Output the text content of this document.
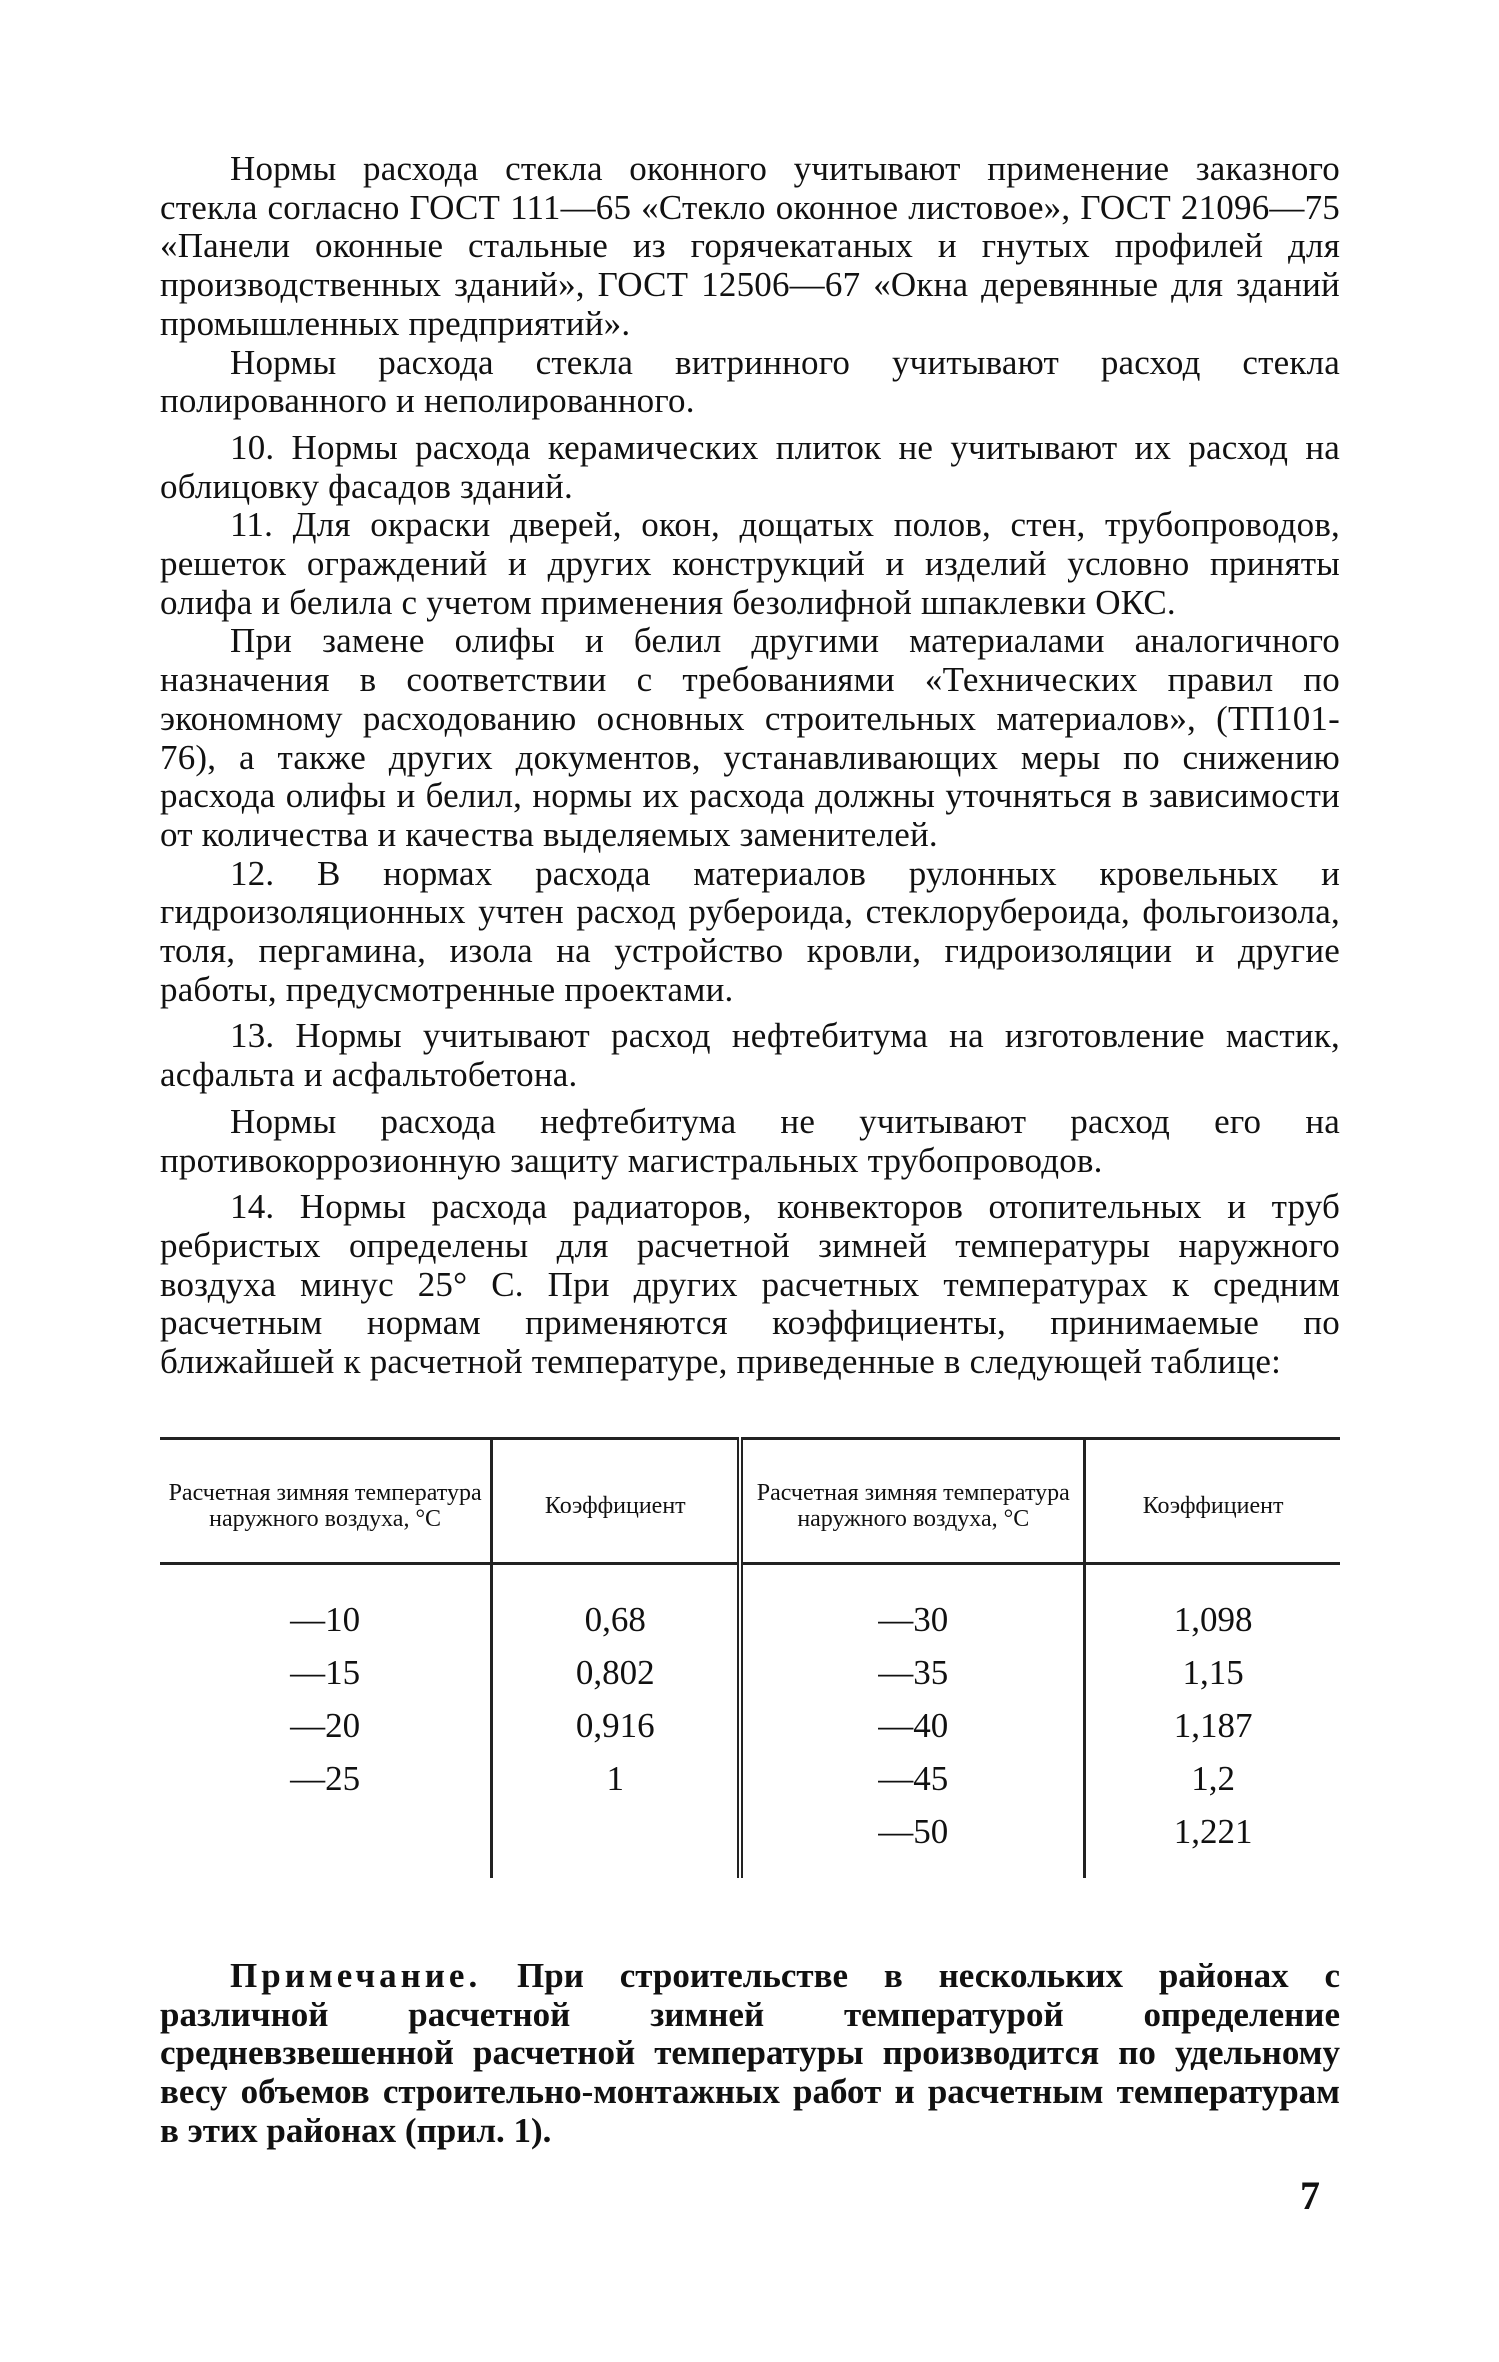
Нормы расхода стекла оконного учитывают применение заказного стекла согласно ГОСТ 111—65 «Стекло оконное листовое», ГОСТ 21096—75 «Панели оконные стальные из горячекатаных и гнутых профилей для производственных зданий», ГОСТ 12506—67 «Окна деревянные для зданий промышленных предприятий».

Нормы расхода стекла витринного учитывают расход стекла полированного и неполированного.

10. Нормы расхода керамических плиток не учитывают их расход на облицовку фасадов зданий.

11. Для окраски дверей, окон, дощатых полов, стен, трубопроводов, решеток ограждений и других конструкций и изделий условно приняты олифа и белила с учетом применения безолифной шпаклевки ОКС.

При замене олифы и белил другими материалами аналогичного назначения в соответствии с требованиями «Технических правил по экономному расходованию основных строительных материалов», (ТП101-76), а также других документов, устанавливающих меры по снижению расхода олифы и белил, нормы их расхода должны уточняться в зависимости от количества и качества выделяемых заменителей.

12. В нормах расхода материалов рулонных кровельных и гидроизоляционных учтен расход рубероида, стеклорубероида, фольгоизола, толя, пергамина, изола на устройство кровли, гидроизоляции и другие работы, предусмотренные проектами.

13. Нормы учитывают расход нефтебитума на изготовление мастик, асфальта и асфальтобетона.

Нормы расхода нефтебитума не учитывают расход его на противокоррозионную защиту магистральных трубопроводов.

14. Нормы расхода радиаторов, конвекторов отопительных и труб ребристых определены для расчетной зимней температуры наружного воздуха минус 25° С. При других расчетных температурах к средним расчетным нормам применяются коэффициенты, принимаемые по ближайшей к расчетной температуре, приведенные в следующей таблице:

Расчетная зимняя температура наружного воздуха, °С	Коэффициент	Расчетная зимняя температура наружного воздуха, °С	Коэффициент
—10	0,68	—30	1,098
—15	0,802	—35	1,15
—20	0,916	—40	1,187
—25	1	—45	1,2
		—50	1,221

Примечание. При строительстве в нескольких районах с различной расчетной зимней температурой определение средневзвешенной расчетной температуры производится по удельному весу объемов строительно-монтажных работ и расчетным температурам в этих районах (прил. 1).

7
